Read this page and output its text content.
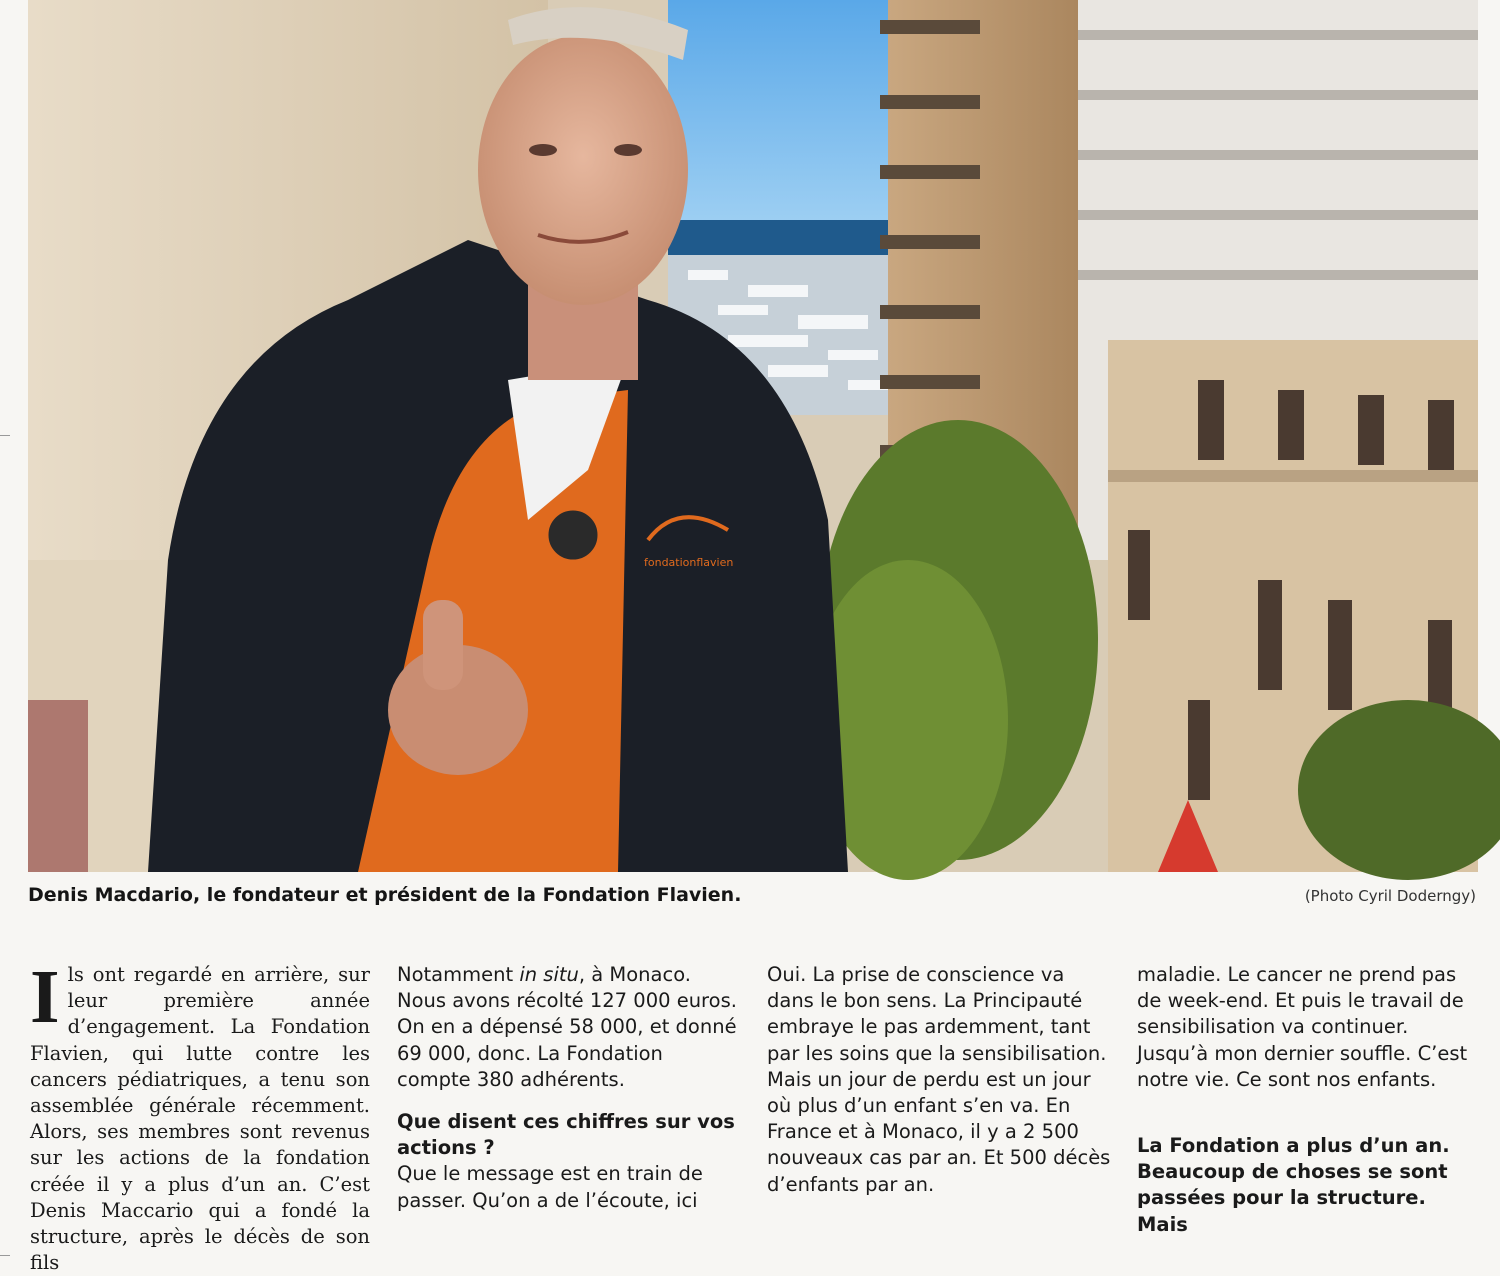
fondationflavien
Denis Macdario, le fondateur et président de la Fondation Flavien.	(Photo Cyril Doderngy)

Ils ont regardé en arrière, sur leur première année d’engagement. La Fondation Flavien, qui lutte contre les cancers pédiatriques, a tenu son assemblée générale récemment. Alors, ses membres sont revenus sur les actions de la fondation créée il y a plus d’un an. C’est Denis Maccario qui a fondé la structure, après le décès de son fils

Notamment in situ, à Monaco. Nous avons récolté 127 000 euros. On en a dépensé 58 000, et donné 69 000, donc. La Fondation compte 380 adhérents.

Que disent ces chiffres sur vos actions ?

Que le message est en train de passer. Qu’on a de l’écoute, ici

Oui. La prise de conscience va dans le bon sens. La Principauté embraye le pas ardemment, tant par les soins que la sensibilisation. Mais un jour de perdu est un jour où plus d’un enfant s’en va. En France et à Monaco, il y a 2 500 nouveaux cas par an. Et 500 décès d’enfants par an.

maladie. Le cancer ne prend pas de week-end. Et puis le travail de sensibilisation va continuer. Jusqu’à mon dernier souffle. C’est notre vie. Ce sont nos enfants.

La Fondation a plus d’un an. Beaucoup de choses se sont passées pour la structure. Mais
